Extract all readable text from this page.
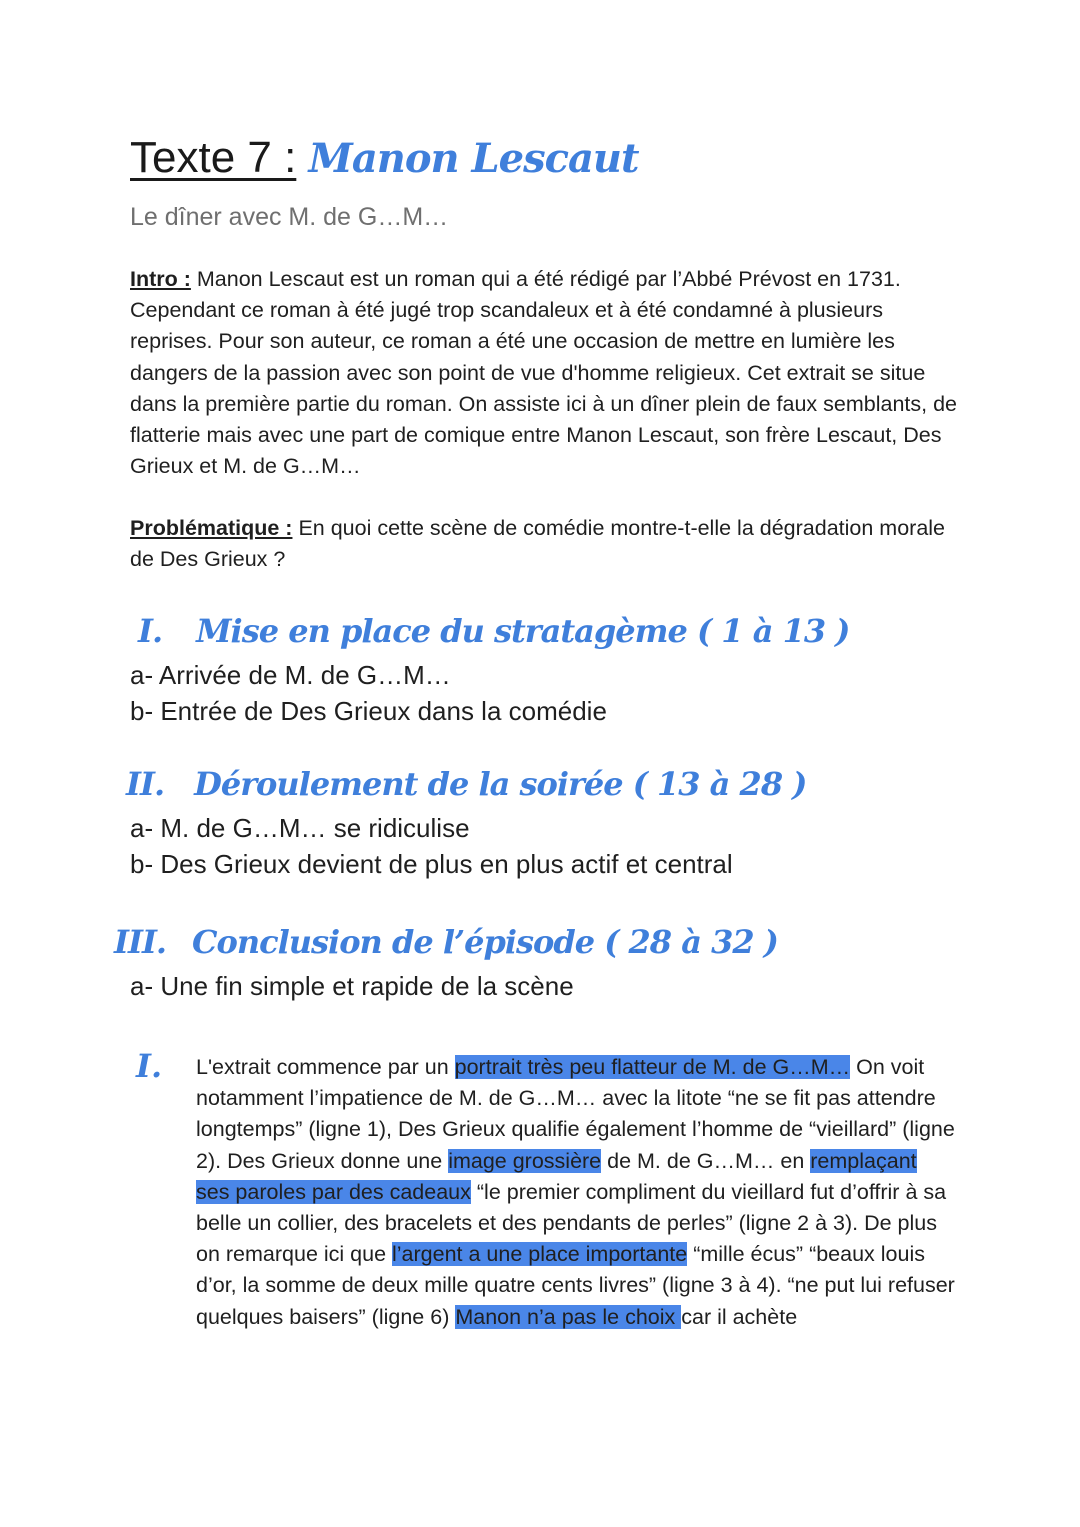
Texte 7 : Manon Lescaut
Le dîner avec M. de G…M…
Intro : Manon Lescaut est un roman qui a été rédigé par l’Abbé Prévost en 1731. Cependant ce roman à été jugé trop scandaleux et à été condamné à plusieurs reprises. Pour son auteur, ce roman a été une occasion de mettre en lumière les dangers de la passion avec son point de vue d'homme religieux. Cet extrait se situe dans la première partie du roman. On assiste ici à un dîner plein de faux semblants, de flatterie mais avec une part de comique entre Manon Lescaut, son frère Lescaut, Des Grieux et M. de G…M…
Problématique : En quoi cette scène de comédie montre-t-elle la dégradation morale de Des Grieux ?
I. Mise en place du stratagème ( 1 à 13 )
a- Arrivée de M. de G…M…
b- Entrée de Des Grieux dans la comédie
II. Déroulement de la soirée ( 13 à 28 )
a- M. de G…M… se ridiculise
b- Des Grieux devient de plus en plus actif et central
III. Conclusion de l’épisode ( 28 à 32 )
a- Une fin simple et rapide de la scène
I. L'extrait commence par un portrait très peu flatteur de M. de G…M… On voit notamment l’impatience de M. de G…M… avec la litote “ne se fit pas attendre longtemps” (ligne 1), Des Grieux qualifie également l’homme de “vieillard” (ligne 2). Des Grieux donne une image grossière de M. de G…M… en remplaçant ses paroles par des cadeaux “le premier compliment du vieillard fut d’offrir à sa belle un collier, des bracelets et des pendants de perles” (ligne 2 à 3). De plus on remarque ici que l’argent a une place importante “mille écus” “beaux louis d’or, la somme de deux mille quatre cents livres” (ligne 3 à 4). “ne put lui refuser quelques baisers” (ligne 6) Manon n’a pas le choix car il achète
